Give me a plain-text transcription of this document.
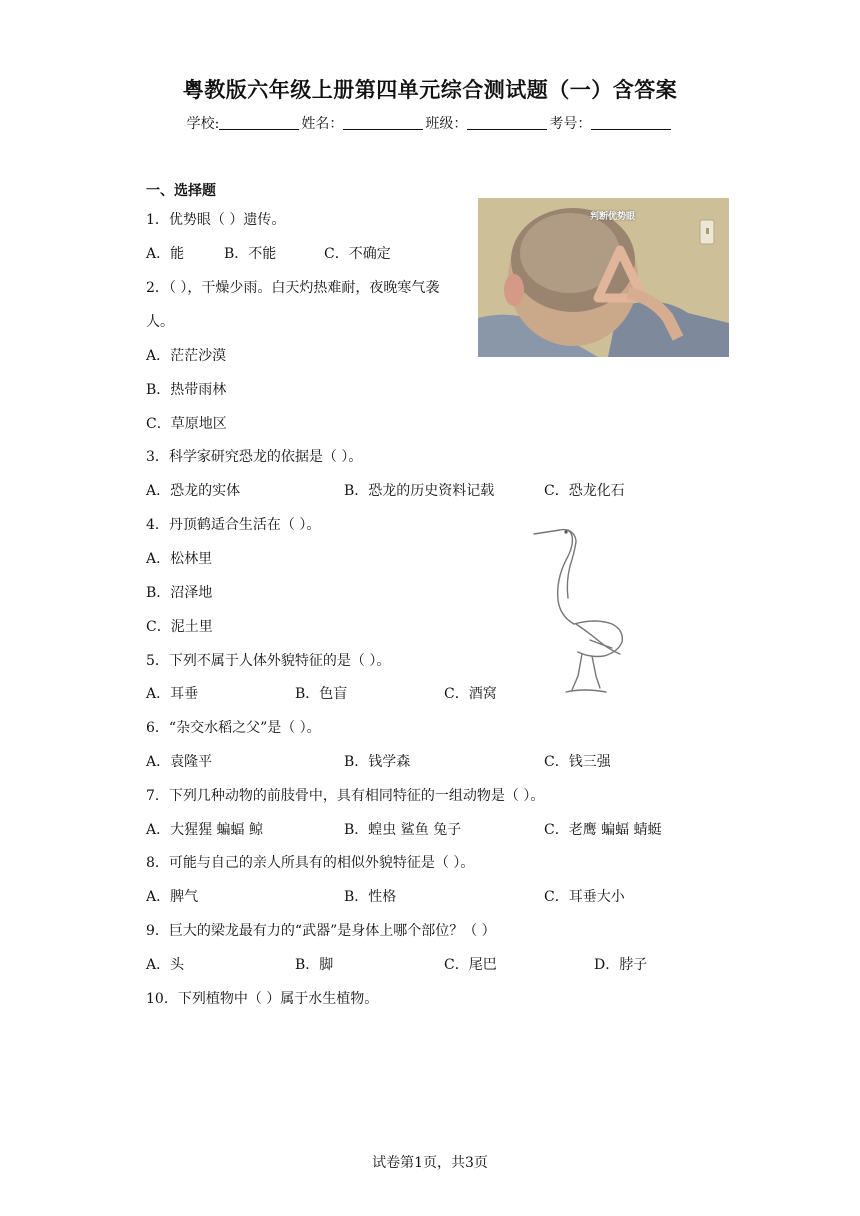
粤教版六年级上册第四单元综合测试题（一）含答案
学校:	姓名：	班级：	考号：
一、选择题
判断优势眼
1．优势眼（ ）遗传。
A．能	B．不能	C．不确定
2．（ ），干燥少雨。白天灼热难耐，夜晚寒气袭
人。
A．茫茫沙漠
B．热带雨林
C．草原地区
3．科学家研究恐龙的依据是（ ）。
A．恐龙的实体	B．恐龙的历史资料记载	C．恐龙化石
4．丹顶鹤适合生活在（ ）。
A．松林里
B．沼泽地
C．泥土里
5．下列不属于人体外貌特征的是（ ）。
A．耳垂	B．色盲	C．酒窝
6．“杂交水稻之父”是（ ）。
A．袁隆平	B．钱学森	C．钱三强
7．下列几种动物的前肢骨中，具有相同特征的一组动物是（ ）。
A．大猩猩 蝙蝠 鲸	B．蝗虫 鲨鱼 兔子	C．老鹰 蝙蝠 蜻蜓
8．可能与自己的亲人所具有的相似外貌特征是（ ）。
A．脾气	B．性格	C．耳垂大小
9．巨大的梁龙最有力的“武器”是身体上哪个部位？（ ）
A．头	B．脚	C．尾巴	D．脖子
10．下列植物中（ ）属于水生植物。
试卷第1页，共3页
